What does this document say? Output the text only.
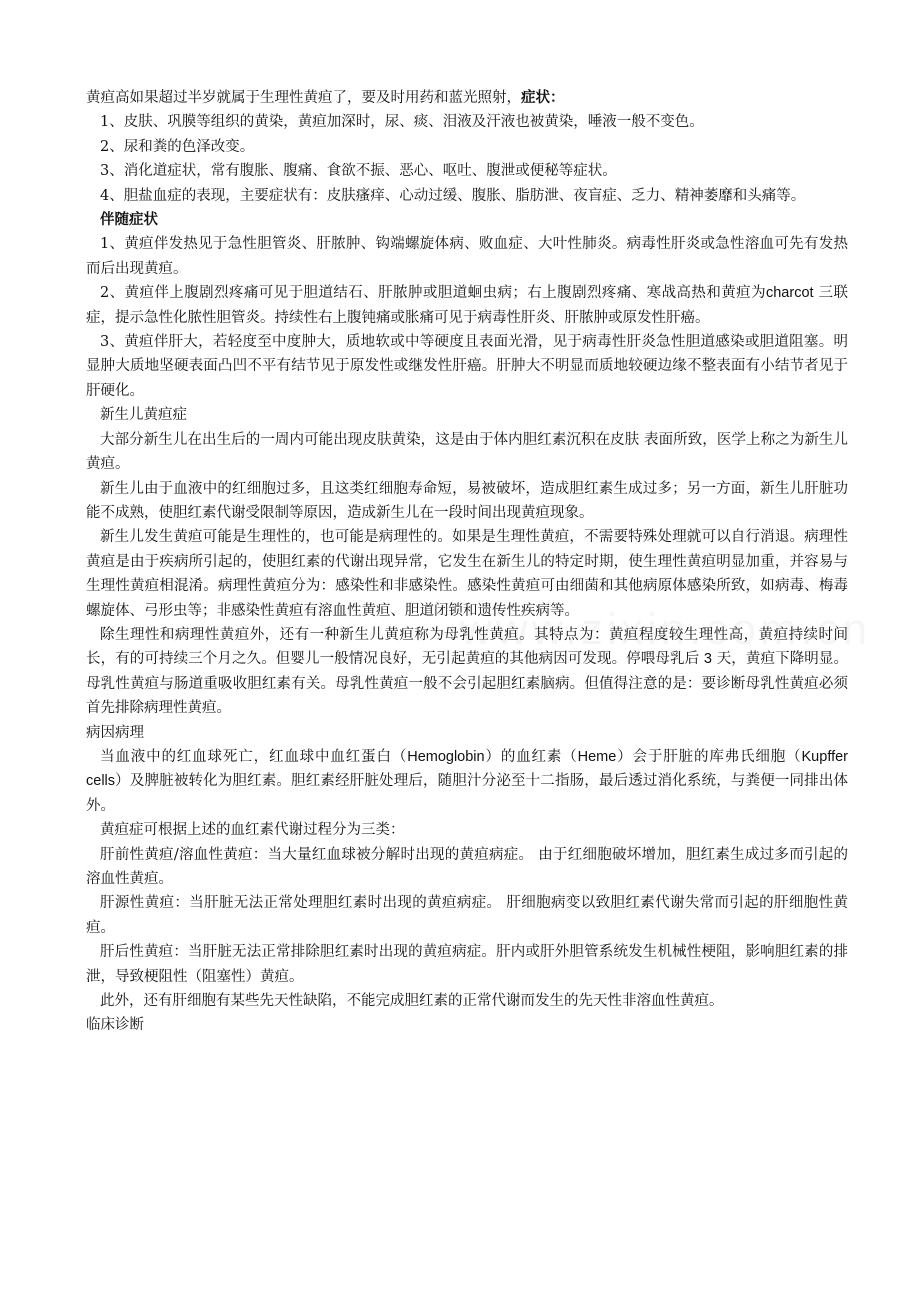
黄疸高如果超过半岁就属于生理性黄疸了，要及时用药和蓝光照射，症状：

1、皮肤、巩膜等组织的黄染，黄疸加深时，尿、痰、泪液及汗液也被黄染，唾液一般不变色。

2、尿和粪的色泽改变。

3、消化道症状，常有腹胀、腹痛、食欲不振、恶心、呕吐、腹泄或便秘等症状。

4、胆盐血症的表现，主要症状有：皮肤瘙痒、心动过缓、腹胀、脂肪泄、夜盲症、乏力、精神萎靡和头痛等。

伴随症状

1、黄疸伴发热见于急性胆管炎、肝脓肿、钩端螺旋体病、败血症、大叶性肺炎。病毒性肝炎或急性溶血可先有发热而后出现黄疸。

2、黄疸伴上腹剧烈疼痛可见于胆道结石、肝脓肿或胆道蛔虫病；右上腹剧烈疼痛、寒战高热和黄疸为charcot 三联症，提示急性化脓性胆管炎。持续性右上腹钝痛或胀痛可见于病毒性肝炎、肝脓肿或原发性肝癌。

3、黄疸伴肝大，若轻度至中度肿大，质地软或中等硬度且表面光滑，见于病毒性肝炎急性胆道感染或胆道阻塞。明显肿大质地坚硬表面凸凹不平有结节见于原发性或继发性肝癌。肝肿大不明显而质地较硬边缘不整表面有小结节者见于肝硬化。

新生儿黄疸症

大部分新生儿在出生后的一周内可能出现皮肤黄染，这是由于体内胆红素沉积在皮肤 表面所致，医学上称之为新生儿黄疸。

新生儿由于血液中的红细胞过多，且这类红细胞寿命短，易被破坏，造成胆红素生成过多；另一方面，新生儿肝脏功能不成熟，使胆红素代谢受限制等原因，造成新生儿在一段时间出现黄疸现象。

新生儿发生黄疸可能是生理性的，也可能是病理性的。如果是生理性黄疸，不需要特殊处理就可以自行消退。病理性黄疸是由于疾病所引起的，使胆红素的代谢出现异常，它发生在新生儿的特定时期，使生理性黄疸明显加重，并容易与生理性黄疸相混淆。病理性黄疸分为：感染性和非感染性。感染性黄疸可由细菌和其他病原体感染所致，如病毒、梅毒螺旋体、弓形虫等；非感染性黄疸有溶血性黄疸、胆道闭锁和遗传性疾病等。

除生理性和病理性黄疸外，还有一种新生儿黄疸称为母乳性黄疸。其特点为：黄疸程度较生理性高，黄疸持续时间长，有的可持续三个月之久。但婴儿一般情况良好，无引起黄疸的其他病因可发现。停喂母乳后 3 天，黄疸下降明显。母乳性黄疸与肠道重吸收胆红素有关。母乳性黄疸一般不会引起胆红素脑病。但值得注意的是：要诊断母乳性黄疸必须首先排除病理性黄疸。

病因病理

当血液中的红血球死亡，红血球中血红蛋白（Hemoglobin）的血红素（Heme）会于肝脏的库弗氏细胞（Kupffer cells）及脾脏被转化为胆红素。胆红素经肝脏处理后，随胆汁分泌至十二指肠，最后透过消化系统，与粪便一同排出体外。

黄疸症可根据上述的血红素代谢过程分为三类：

肝前性黄疸/溶血性黄疸：当大量红血球被分解时出现的黄疸病症。 由于红细胞破坏增加，胆红素生成过多而引起的溶血性黄疸。

肝源性黄疸：当肝脏无法正常处理胆红素时出现的黄疸病症。 肝细胞病变以致胆红素代谢失常而引起的肝细胞性黄疸。

肝后性黄疸：当肝脏无法正常排除胆红素时出现的黄疸病症。肝内或肝外胆管系统发生机械性梗阻，影响胆红素的排泄，导致梗阻性（阻塞性）黄疸。

此外，还有肝细胞有某些先天性缺陷，不能完成胆红素的正常代谢而发生的先天性非溶血性黄疸。

临床诊断
